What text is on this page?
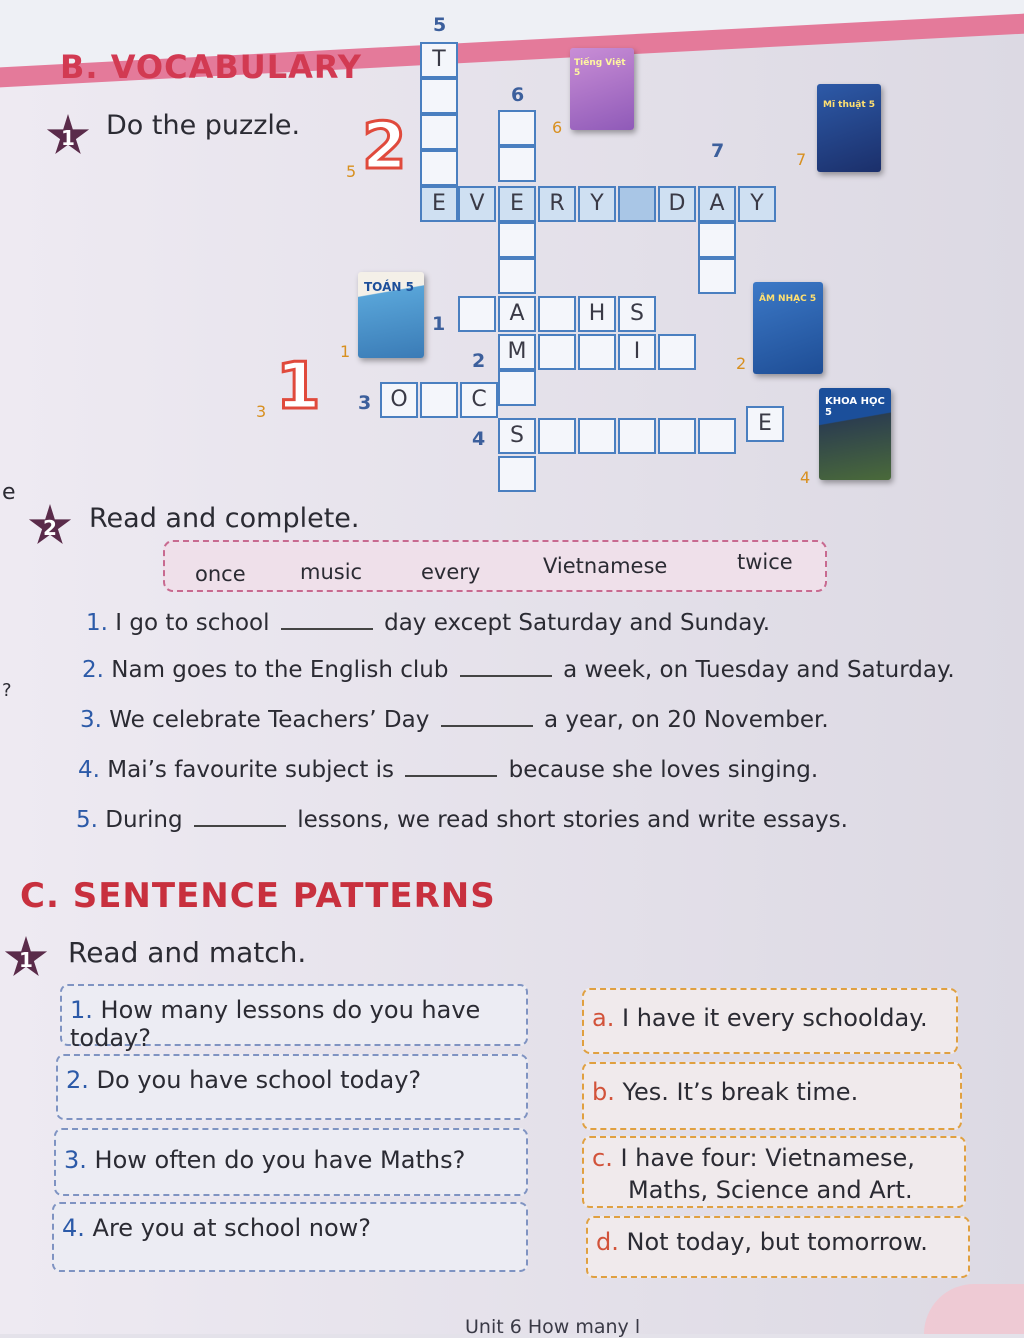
e
?
B. VOCABULARY
1	Do the puzzle.
5
6
7
1
2
3
4
T
E	V	E	R	Y	D	A	Y
A	H	S
M	I
O	C
S	E
Tiếng Việt 5
6
Mĩ thuật 5
7
TOÁN 5
1
ÂM NHẠC 5
2
KHOA HỌC 5
4
2
5
1
3
2	Read and complete.
once	music	every	Vietnamese	twice
1. I go to school	day except Saturday and Sunday.
2. Nam goes to the English club	a week, on Tuesday and Saturday.
3. We celebrate Teachers’ Day	a year, on 20 November.
4. Mai’s favourite subject is	because she loves singing.
5. During	lessons, we read short stories and write essays.
C. SENTENCE PATTERNS
1	Read and match.
1. How many lessons do you have today?
2. Do you have school today?
3. How often do you have Maths?
4. Are you at school now?
a. I have it every schoolday.
b. Yes. It’s break time.
c. I have four: Vietnamese,
Maths, Science and Art.
d. Not today, but tomorrow.
Unit 6 How many l
